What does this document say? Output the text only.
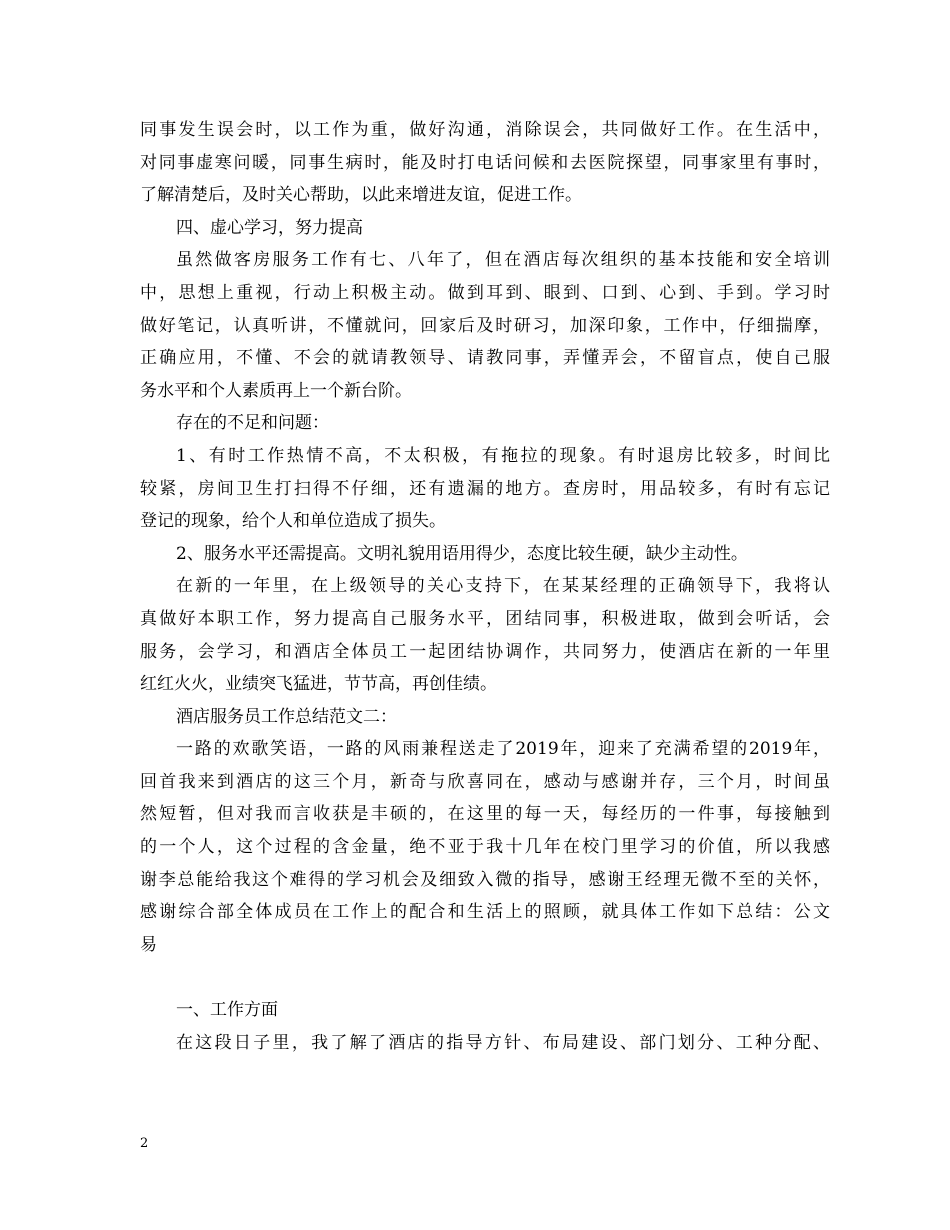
同事发生误会时，以工作为重，做好沟通，消除误会，共同做好工作。在生活中，
对同事虚寒问暖，同事生病时，能及时打电话问候和去医院探望，同事家里有事时，
了解清楚后，及时关心帮助，以此来增进友谊，促进工作。
四、虚心学习，努力提高
虽然做客房服务工作有七、八年了，但在酒店每次组织的基本技能和安全培训
中，思想上重视，行动上积极主动。做到耳到、眼到、口到、心到、手到。学习时
做好笔记，认真听讲，不懂就问，回家后及时研习，加深印象，工作中，仔细揣摩，
正确应用，不懂、不会的就请教领导、请教同事，弄懂弄会，不留盲点，使自己服
务水平和个人素质再上一个新台阶。
存在的不足和问题：
1、有时工作热情不高，不太积极，有拖拉的现象。有时退房比较多，时间比
较紧，房间卫生打扫得不仔细，还有遗漏的地方。查房时，用品较多，有时有忘记
登记的现象，给个人和单位造成了损失。
2、服务水平还需提高。文明礼貌用语用得少，态度比较生硬，缺少主动性。
在新的一年里，在上级领导的关心支持下，在某某经理的正确领导下，我将认
真做好本职工作，努力提高自己服务水平，团结同事，积极进取，做到会听话，会
服务，会学习，和酒店全体员工一起团结协调作，共同努力，使酒店在新的一年里
红红火火，业绩突飞猛进，节节高，再创佳绩。
酒店服务员工作总结范文二：
一路的欢歌笑语，一路的风雨兼程送走了2019年，迎来了充满希望的2019年，
回首我来到酒店的这三个月，新奇与欣喜同在，感动与感谢并存，三个月，时间虽
然短暂，但对我而言收获是丰硕的，在这里的每一天，每经历的一件事，每接触到
的一个人，这个过程的含金量，绝不亚于我十几年在校门里学习的价值，所以我感
谢李总能给我这个难得的学习机会及细致入微的指导，感谢王经理无微不至的关怀，
感谢综合部全体成员在工作上的配合和生活上的照顾，就具体工作如下总结：公文
易
一、工作方面
在这段日子里，我了解了酒店的指导方针、布局建设、部门划分、工种分配、
2
